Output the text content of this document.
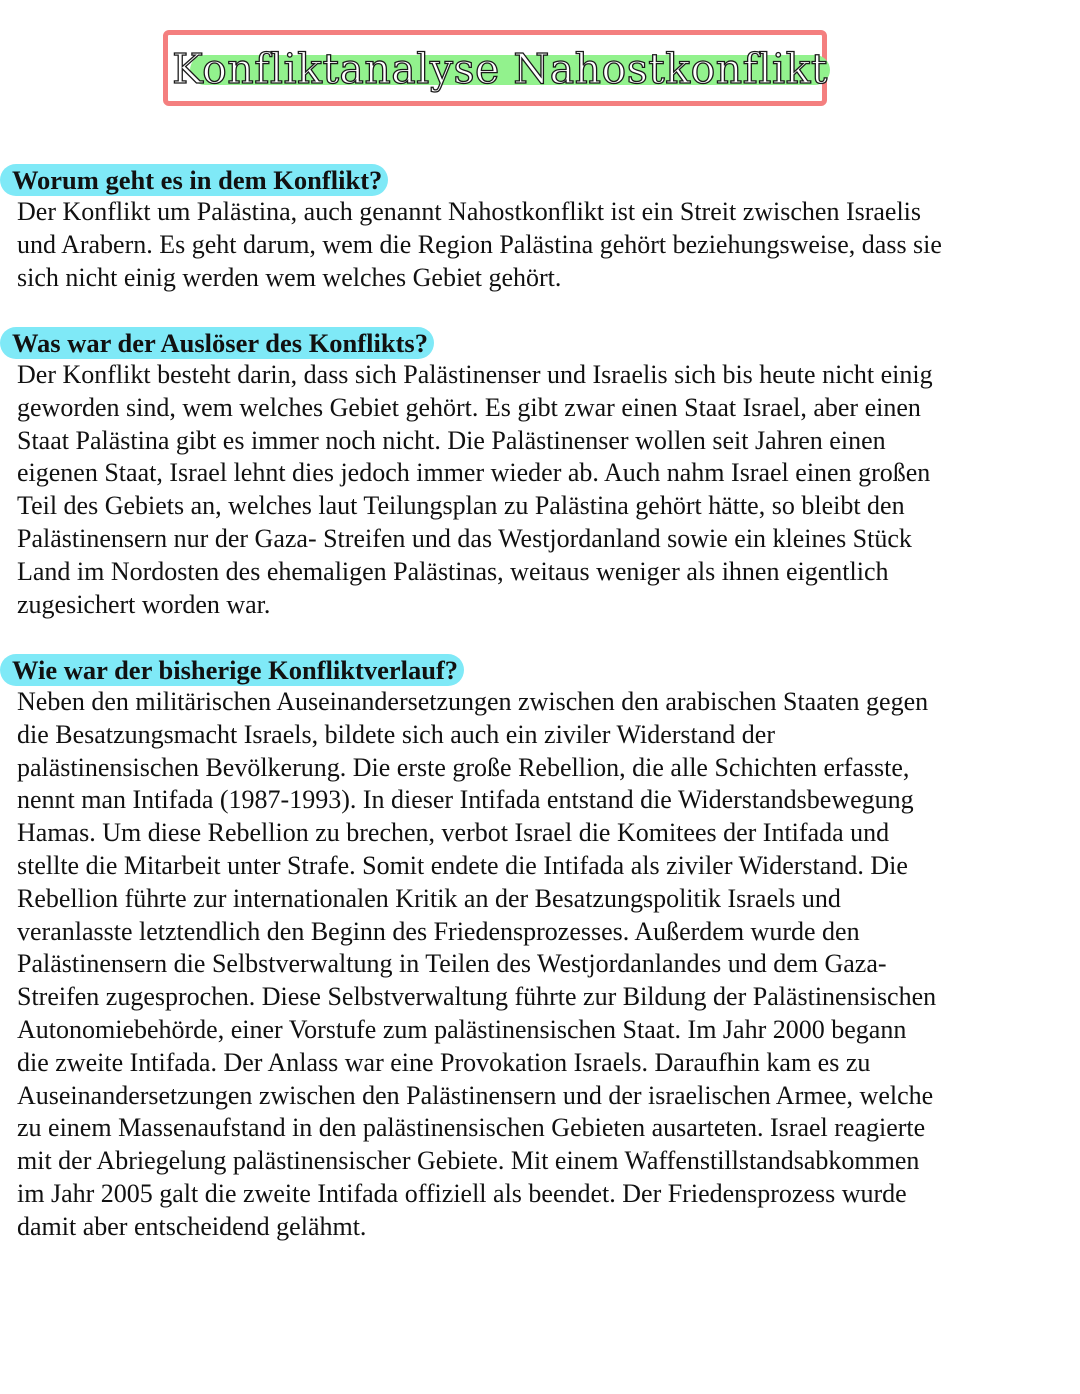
Konfliktanalyse Nahostkonflikt
Worum geht es in dem Konflikt?

Der Konflikt um Palästina, auch genannt Nahostkonflikt ist ein Streit zwischen Israelis
und Arabern. Es geht darum, wem die Region Palästina gehört beziehungsweise, dass sie
sich nicht einig werden wem welches Gebiet gehört.

Was war der Auslöser des Konflikts?

Der Konflikt besteht darin, dass sich Palästinenser und Israelis sich bis heute nicht einig
geworden sind, wem welches Gebiet gehört. Es gibt zwar einen Staat Israel, aber einen
Staat Palästina gibt es immer noch nicht. Die Palästinenser wollen seit Jahren einen
eigenen Staat, Israel lehnt dies jedoch immer wieder ab. Auch nahm Israel einen großen
Teil des Gebiets an, welches laut Teilungsplan zu Palästina gehört hätte, so bleibt den
Palästinensern nur der Gaza- Streifen und das Westjordanland sowie ein kleines Stück
Land im Nordosten des ehemaligen Palästinas, weitaus weniger als ihnen eigentlich
zugesichert worden war.

Wie war der bisherige Konfliktverlauf?

Neben den militärischen Auseinandersetzungen zwischen den arabischen Staaten gegen
die Besatzungsmacht Israels, bildete sich auch ein ziviler Widerstand der
palästinensischen Bevölkerung. Die erste große Rebellion, die alle Schichten erfasste,
nennt man Intifada (1987-1993). In dieser Intifada entstand die Widerstandsbewegung
Hamas. Um diese Rebellion zu brechen, verbot Israel die Komitees der Intifada und
stellte die Mitarbeit unter Strafe. Somit endete die Intifada als ziviler Widerstand. Die
Rebellion führte zur internationalen Kritik an der Besatzungspolitik Israels und
veranlasste letztendlich den Beginn des Friedensprozesses. Außerdem wurde den
Palästinensern die Selbstverwaltung in Teilen des Westjordanlandes und dem Gaza-
Streifen zugesprochen. Diese Selbstverwaltung führte zur Bildung der Palästinensischen
Autonomiebehörde, einer Vorstufe zum palästinensischen Staat. Im Jahr 2000 begann
die zweite Intifada. Der Anlass war eine Provokation Israels. Daraufhin kam es zu
Auseinandersetzungen zwischen den Palästinensern und der israelischen Armee, welche
zu einem Massenaufstand in den palästinensischen Gebieten ausarteten. Israel reagierte
mit der Abriegelung palästinensischer Gebiete. Mit einem Waffenstillstandsabkommen
im Jahr 2005 galt die zweite Intifada offiziell als beendet. Der Friedensprozess wurde
damit aber entscheidend gelähmt.
